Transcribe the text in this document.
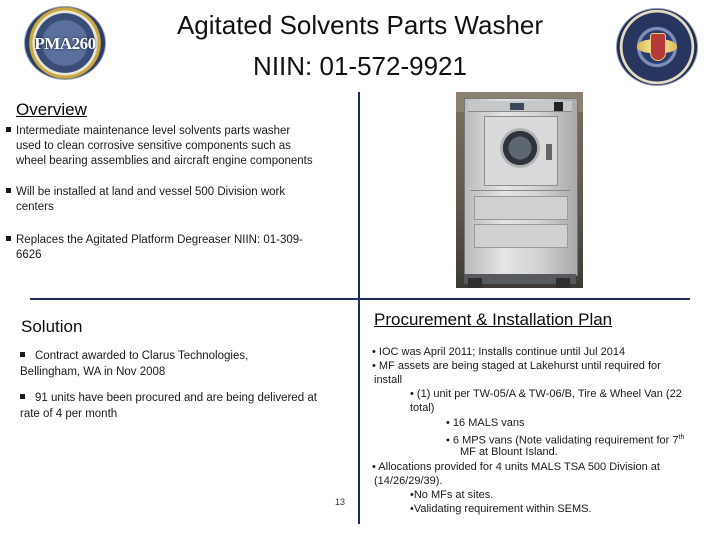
PMA260
Agitated Solvents Parts Washer
NIIN: 01-572-9921
Overview
Intermediate maintenance level solvents parts washer
used to clean corrosive sensitive components such as
wheel bearing assemblies and aircraft engine components
Will be installed at land and vessel 500 Division work
centers
Replaces the Agitated Platform Degreaser NIIN: 01-309-
6626
Solution
Contract awarded to Clarus Technologies,
Bellingham, WA in Nov 2008
91 units have been procured and are being delivered at
rate of 4 per month
13
Procurement & Installation Plan
• IOC was April 2011; Installs continue until Jul 2014
• MF assets are being staged at Lakehurst until required for
install
• (1) unit per TW-05/A & TW-06/B, Tire & Wheel Van (22
total)
• 16 MALS vans
• 6 MPS vans (Note validating requirement for 7th
MF at Blount Island.
• Allocations provided for 4 units MALS TSA 500 Division at
(14/26/29/39).
•No MFs at sites.
•Validating requirement within SEMS.
